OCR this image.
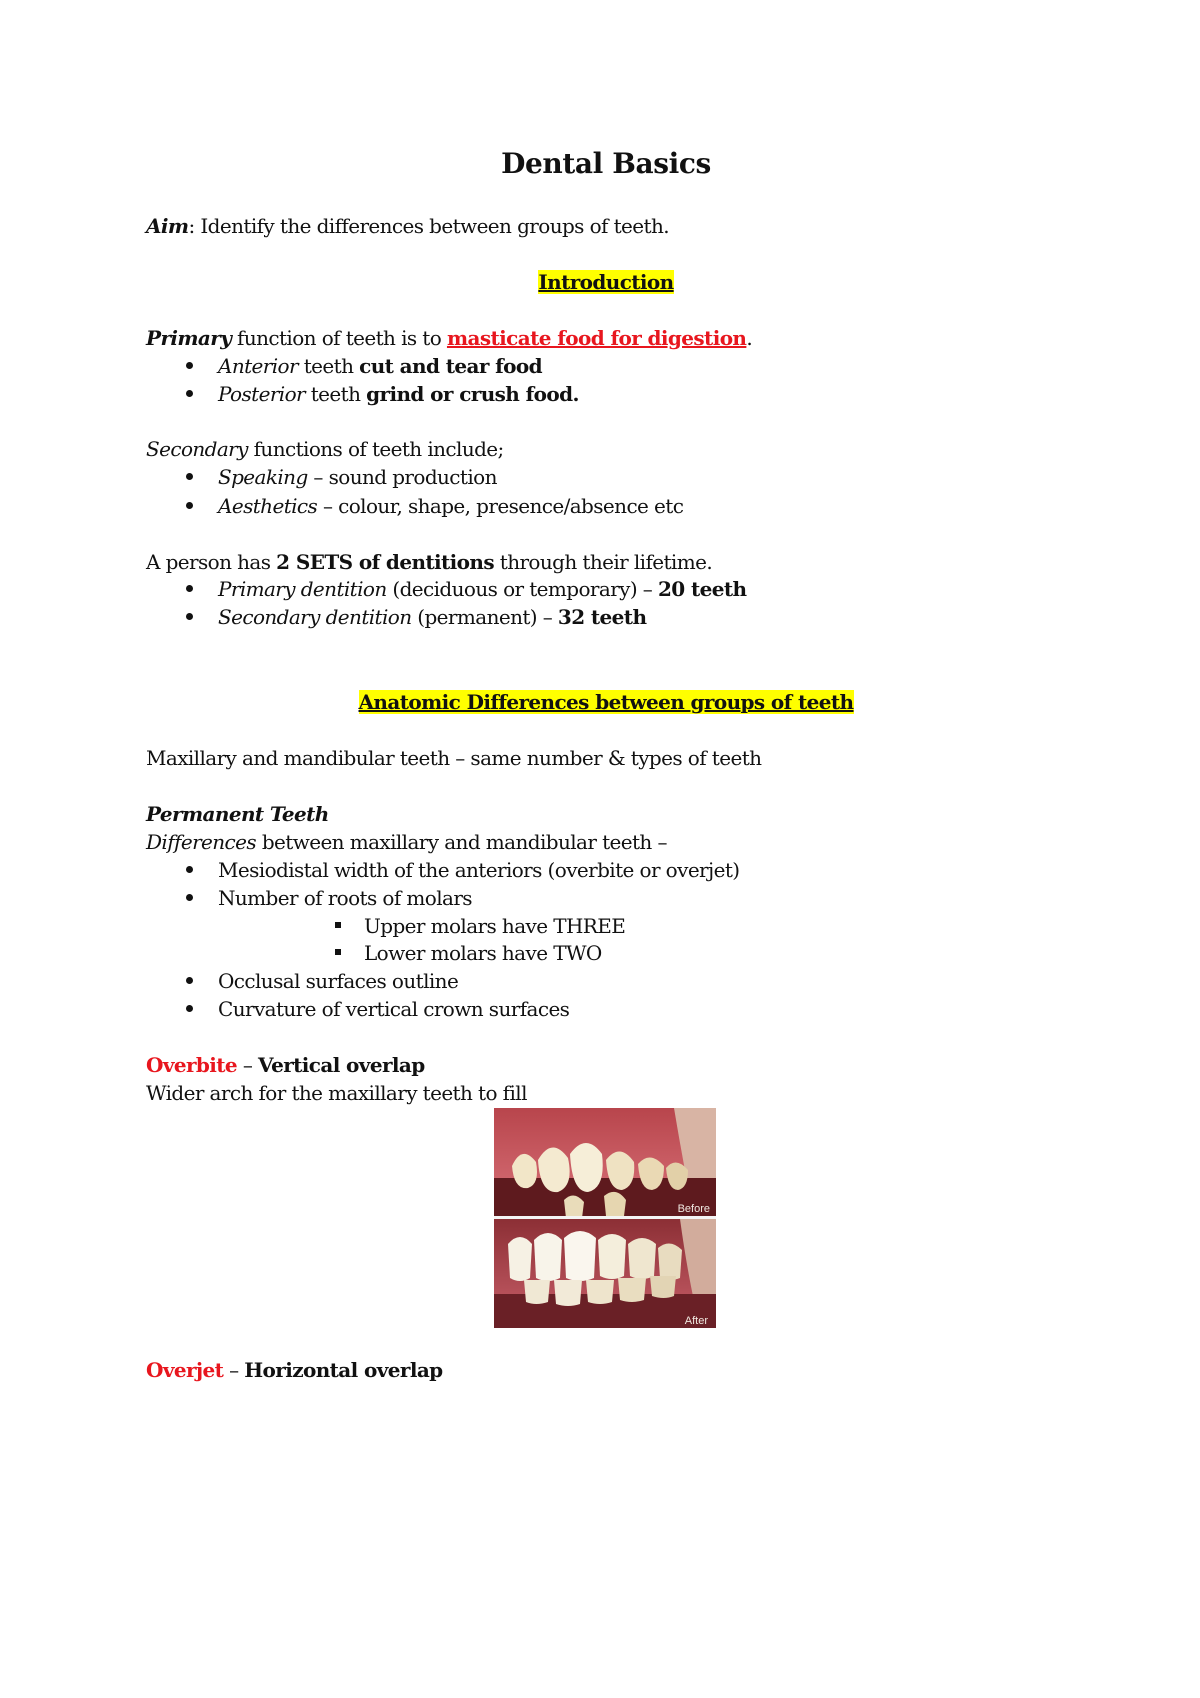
Dental Basics
Aim: Identify the differences between groups of teeth.
Introduction
Primary function of teeth is to masticate food for digestion.
Anterior teeth cut and tear food
Posterior teeth grind or crush food.
Secondary functions of teeth include;
Speaking – sound production
Aesthetics – colour, shape, presence/absence etc
A person has 2 SETS of dentitions through their lifetime.
Primary dentition (deciduous or temporary) – 20 teeth
Secondary dentition (permanent) – 32 teeth
Anatomic Differences between groups of teeth
Maxillary and mandibular teeth – same number & types of teeth
Permanent Teeth
Differences between maxillary and mandibular teeth –
Mesiodistal width of the anteriors (overbite or overjet)
Number of roots of molars
Upper molars have THREE
Lower molars have TWO
Occlusal surfaces outline
Curvature of vertical crown surfaces
Overbite – Vertical overlap
Wider arch for the maxillary teeth to fill
Before
After
Overjet – Horizontal overlap
